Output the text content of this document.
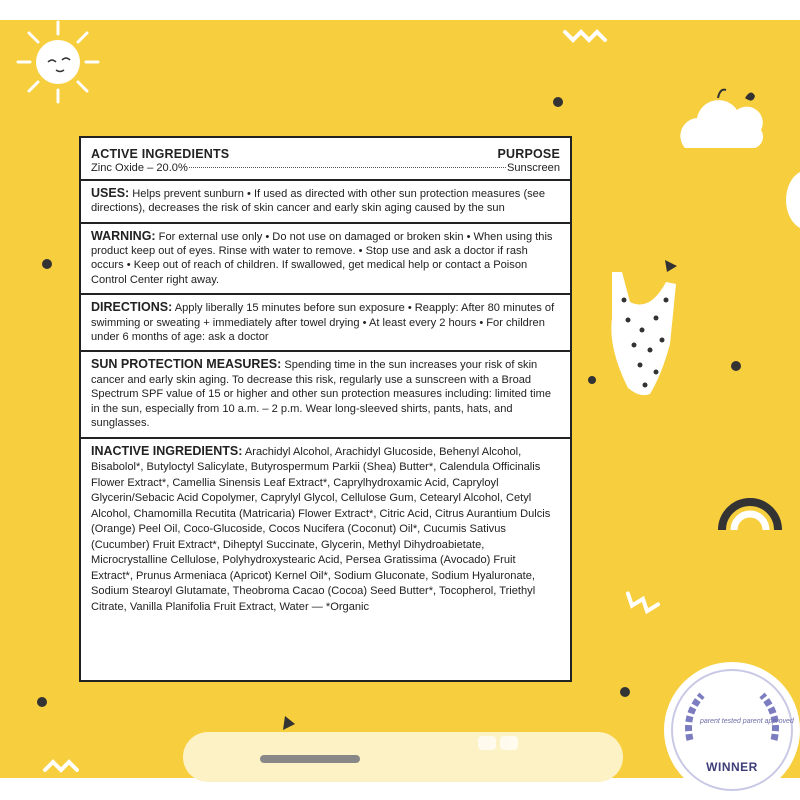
parent tested parent approved
WINNER
ACTIVE INGREDIENTS	PURPOSE
Zinc Oxide – 20.0%	Sunscreen
USES: Helps prevent sunburn • If used as directed with other sun protection measures (see directions), decreases the risk of skin cancer and early skin aging caused by the sun
WARNING: For external use only • Do not use on damaged or broken skin • When using this product keep out of eyes. Rinse with water to remove. • Stop use and ask a doctor if rash occurs • Keep out of reach of children. If swallowed, get medical help or contact a Poison Control Center right away.
DIRECTIONS: Apply liberally 15 minutes before sun exposure • Reapply: After 80 minutes of swimming or sweating + immediately after towel drying • At least every 2 hours • For children under 6 months of age: ask a doctor
SUN PROTECTION MEASURES: Spending time in the sun increases your risk of skin cancer and early skin aging. To decrease this risk, regularly use a sunscreen with a Broad Spectrum SPF value of 15 or higher and other sun protection measures including: limited time in the sun, especially from 10 a.m. – 2 p.m. Wear long-sleeved shirts, pants, hats, and sunglasses.
INACTIVE INGREDIENTS: Arachidyl Alcohol, Arachidyl Glucoside, Behenyl Alcohol, Bisabolol*, Butyloctyl Salicylate, Butyrospermum Parkii (Shea) Butter*, Calendula Officinalis Flower Extract*, Camellia Sinensis Leaf Extract*, Caprylhydroxamic Acid, Capryloyl Glycerin/Sebacic Acid Copolymer, Caprylyl Glycol, Cellulose Gum, Cetearyl Alcohol, Cetyl Alcohol, Chamomilla Recutita (Matricaria) Flower Extract*, Citric Acid, Citrus Aurantium Dulcis (Orange) Peel Oil, Coco-Glucoside, Cocos Nucifera (Coconut) Oil*, Cucumis Sativus (Cucumber) Fruit Extract*, Diheptyl Succinate, Glycerin, Methyl Dihydroabietate, Microcrystalline Cellulose, Polyhydroxystearic Acid, Persea Gratissima (Avocado) Fruit Extract*, Prunus Armeniaca (Apricot) Kernel Oil*, Sodium Gluconate, Sodium Hyaluronate, Sodium Stearoyl Glutamate, Theobroma Cacao (Cocoa) Seed Butter*, Tocopherol, Triethyl Citrate, Vanilla Planifolia Fruit Extract, Water — *Organic
